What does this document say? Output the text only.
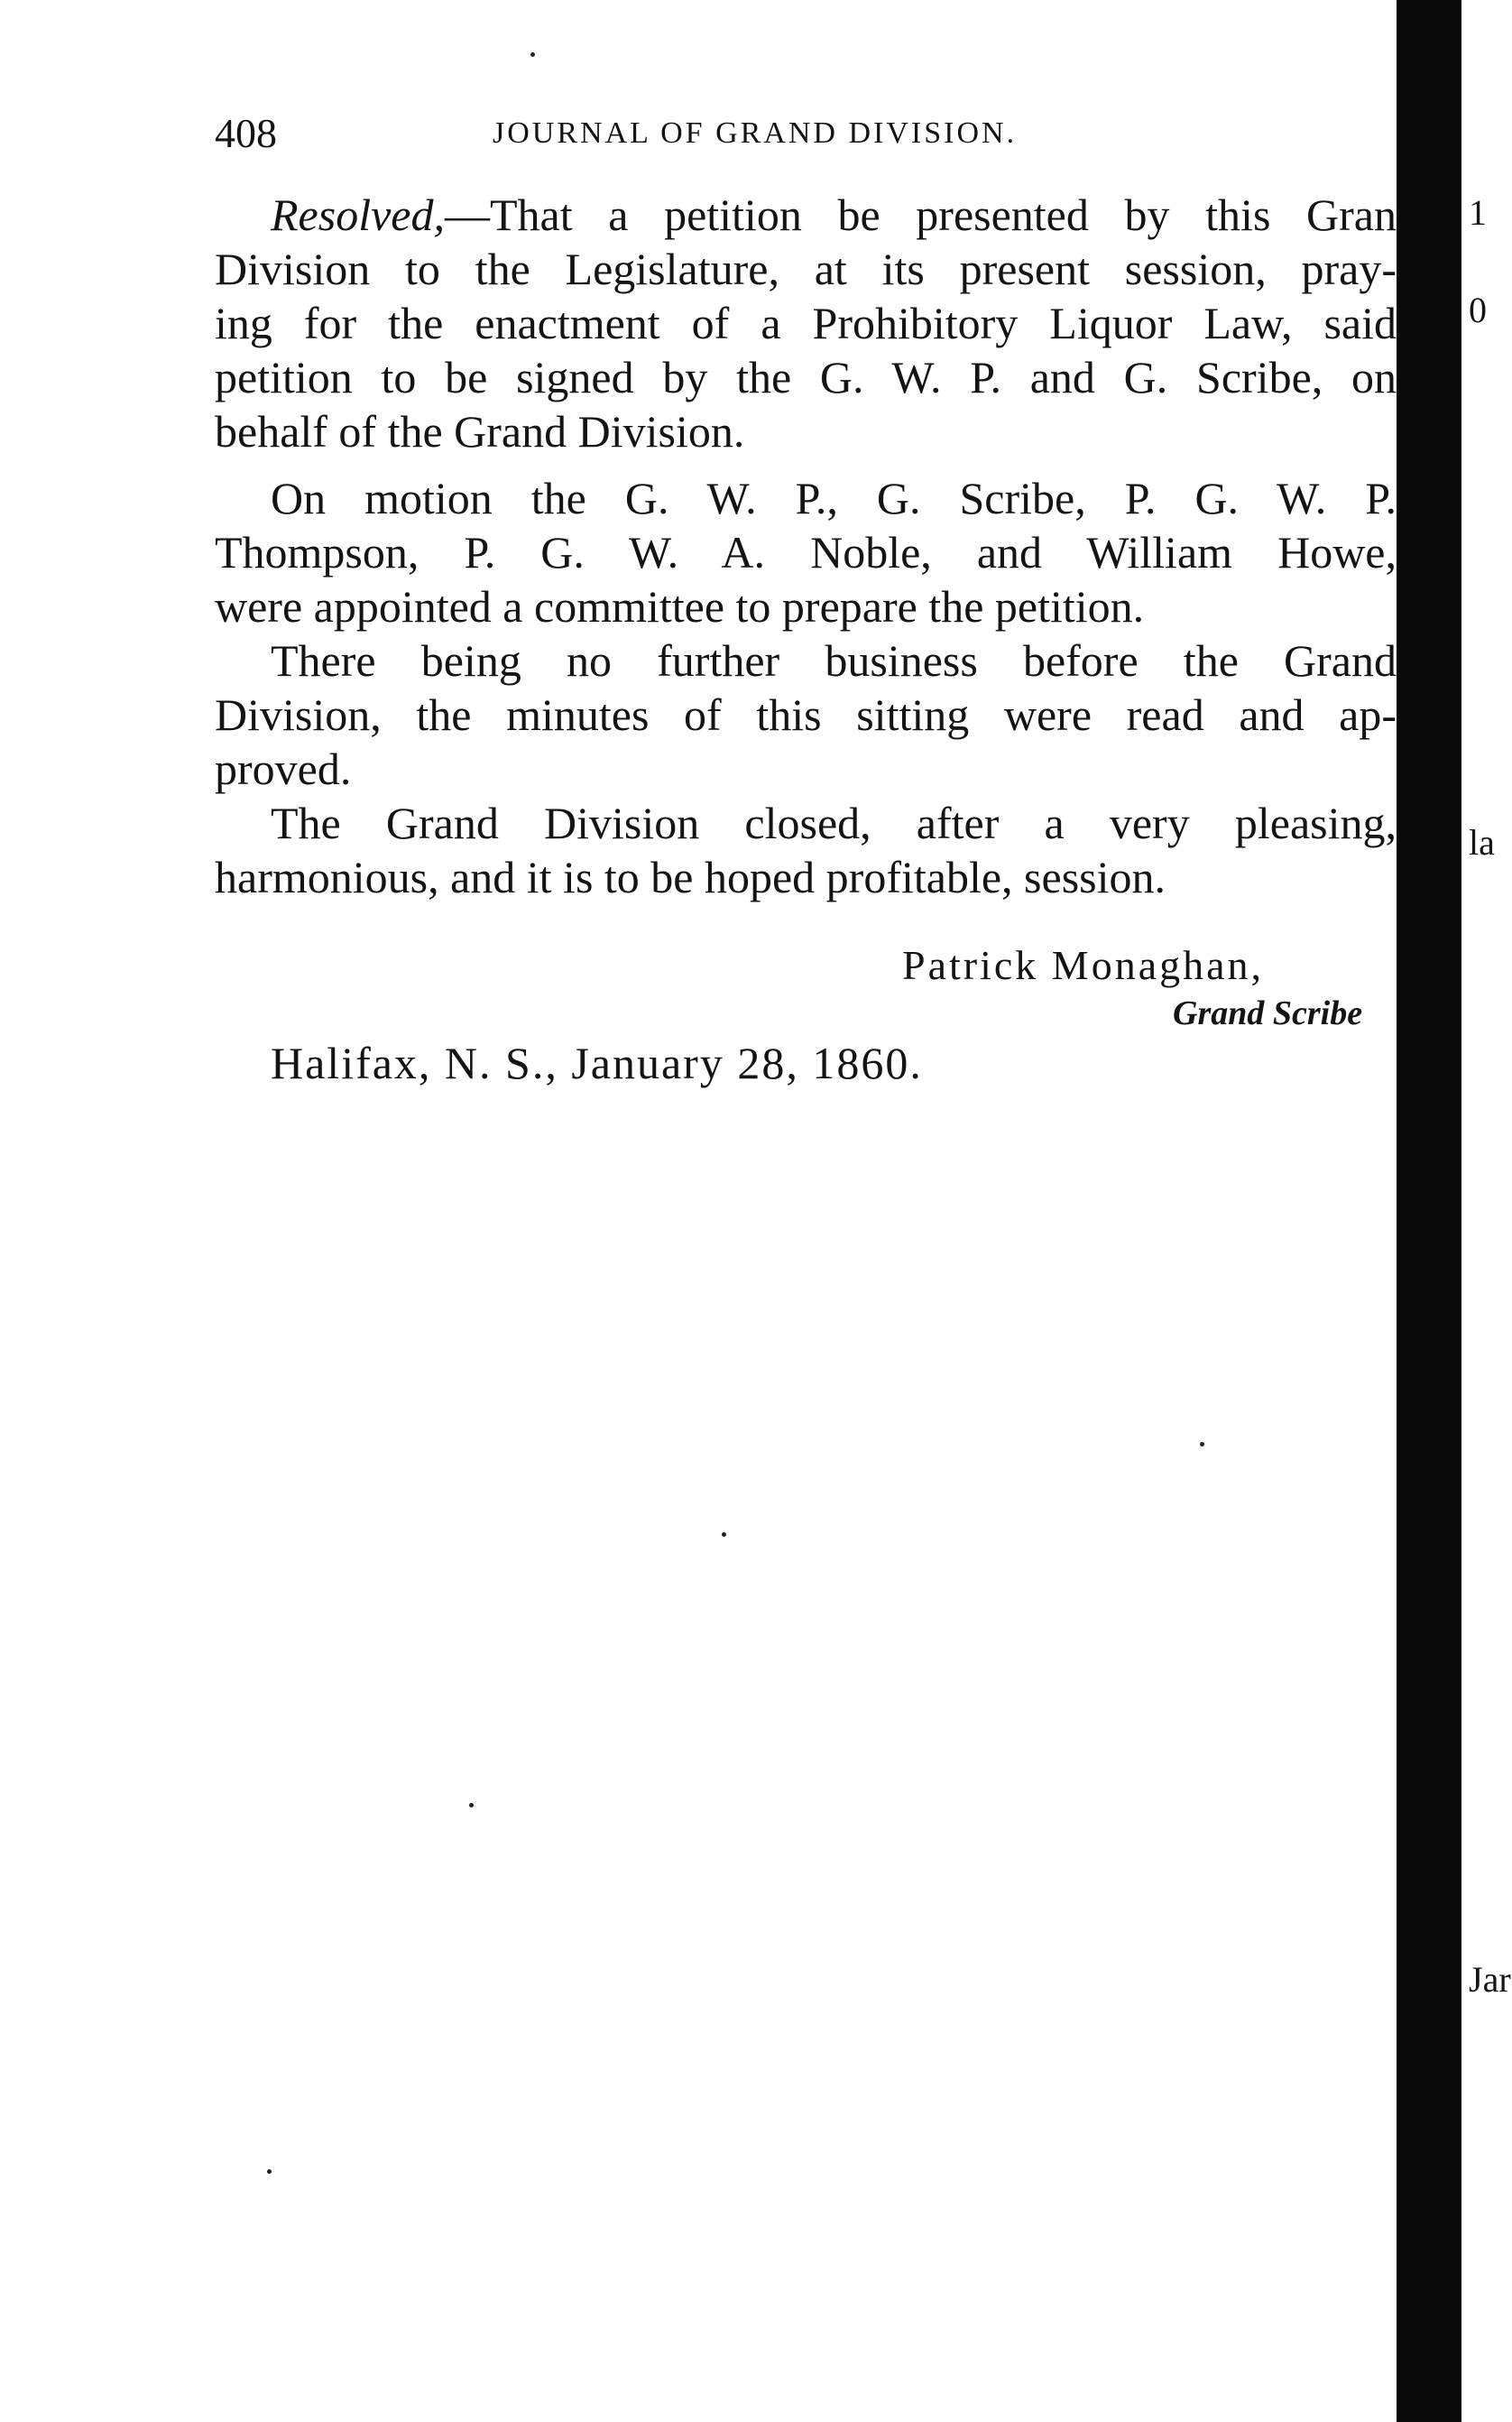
408	JOURNAL OF GRAND DIVISION.
Resolved,—That a petition be presented by this Gran
Division to the Legislature, at its present session, pray-
ing for the enactment of a Prohibitory Liquor Law, said
petition to be signed by the G. W. P. and G. Scribe, on
behalf of the Grand Division.
On motion the G. W. P., G. Scribe, P. G. W. P.
Thompson, P. G. W. A. Noble, and William Howe,
were appointed a committee to prepare the petition.
There being no further business before the Grand
Division, the minutes of this sitting were read and ap-
proved.
The Grand Division closed, after a very pleasing,
harmonious, and it is to be hoped profitable, session.
Patrick Monaghan,
Grand Scribe
Halifax, N. S., January 28, 1860.
1
0
la
Jar
